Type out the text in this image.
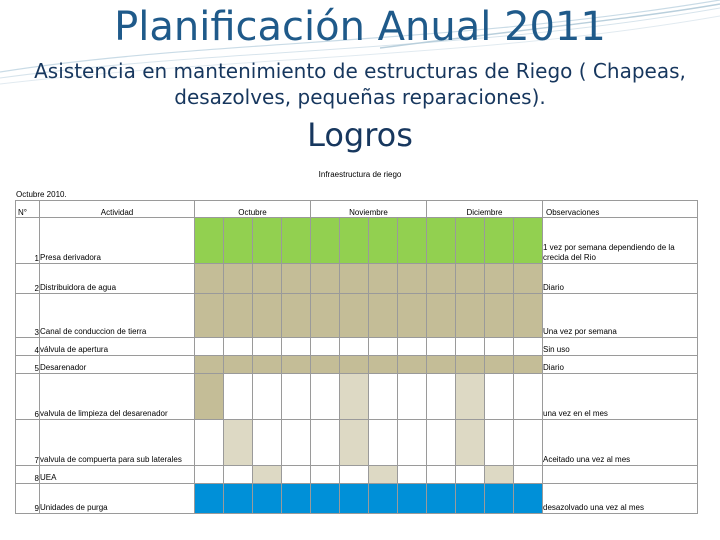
Planificación Anual 2011
Asistencia en mantenimiento de estructuras de Riego ( Chapeas, desazolves, pequeñas reparaciones).
Logros
Infraestructura de riego
Octubre 2010.
N°	Actividad	Octubre				Noviembre				Diciembre				Observaciones
1	Presa derivadora													1 vez por semana dependiendo de la crecida del Rio
2	Distribuidora de agua													Diario
3	Canal de conduccion de tierra													Una vez por semana
4	válvula de apertura													Sin uso
5	Desarenador													Diario
6	valvula de limpieza del desarenador													una vez en el mes
7	valvula de compuerta para sub laterales													Aceitado una vez al mes
8	UEA													
9	Unidades de purga													desazolvado una vez al mes
